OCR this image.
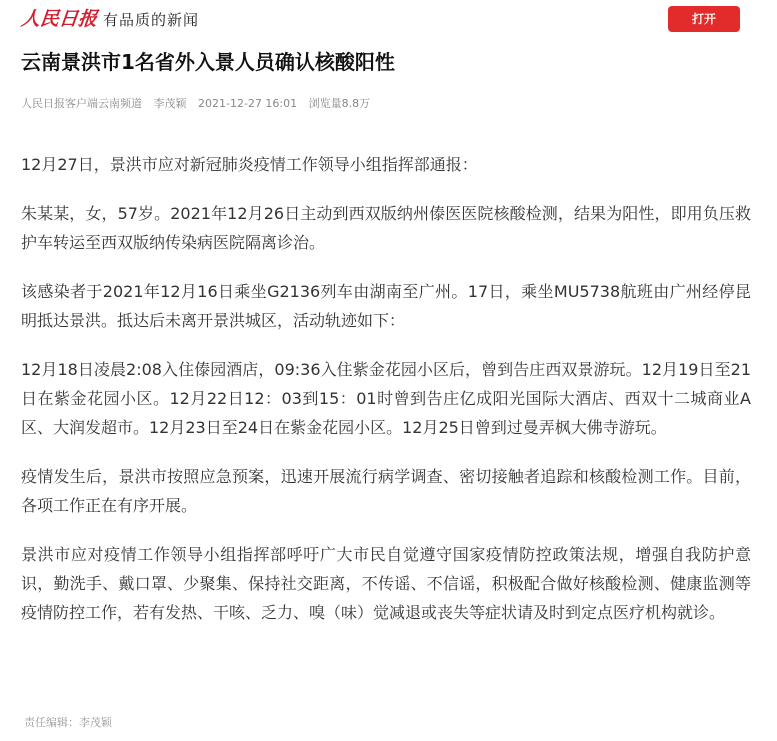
人民日报 有品质的新闻	打开
云南景洪市1名省外入景人员确认核酸阳性
人民日报客户端云南频道 李茂颖 2021-12-27 16:01 浏览量8.8万

12月27日，景洪市应对新冠肺炎疫情工作领导小组指挥部通报：

朱某某，女，57岁。2021年12月26日主动到西双版纳州傣医医院核酸检测，结果为阳性，即用负压救护车转运至西双版纳传染病医院隔离诊治。

该感染者于2021年12月16日乘坐G2136列车由湖南至广州。17日，乘坐MU5738航班由广州经停昆明抵达景洪。抵达后未离开景洪城区，活动轨迹如下：

12月18日凌晨2:08入住傣园酒店，09:36入住紫金花园小区后，曾到告庄西双景游玩。12月19日至21日在紫金花园小区。12月22日12：03到15：01时曾到告庄亿成阳光国际大酒店、西双十二城商业A区、大润发超市。12月23日至24日在紫金花园小区。12月25日曾到过曼弄枫大佛寺游玩。

疫情发生后，景洪市按照应急预案，迅速开展流行病学调查、密切接触者追踪和核酸检测工作。目前，各项工作正在有序开展。

景洪市应对疫情工作领导小组指挥部呼吁广大市民自觉遵守国家疫情防控政策法规，增强自我防护意识，勤洗手、戴口罩、少聚集、保持社交距离，不传谣、不信谣，积极配合做好核酸检测、健康监测等疫情防控工作，若有发热、干咳、乏力、嗅（味）觉减退或丧失等症状请及时到定点医疗机构就诊。

责任编辑：李茂颖
